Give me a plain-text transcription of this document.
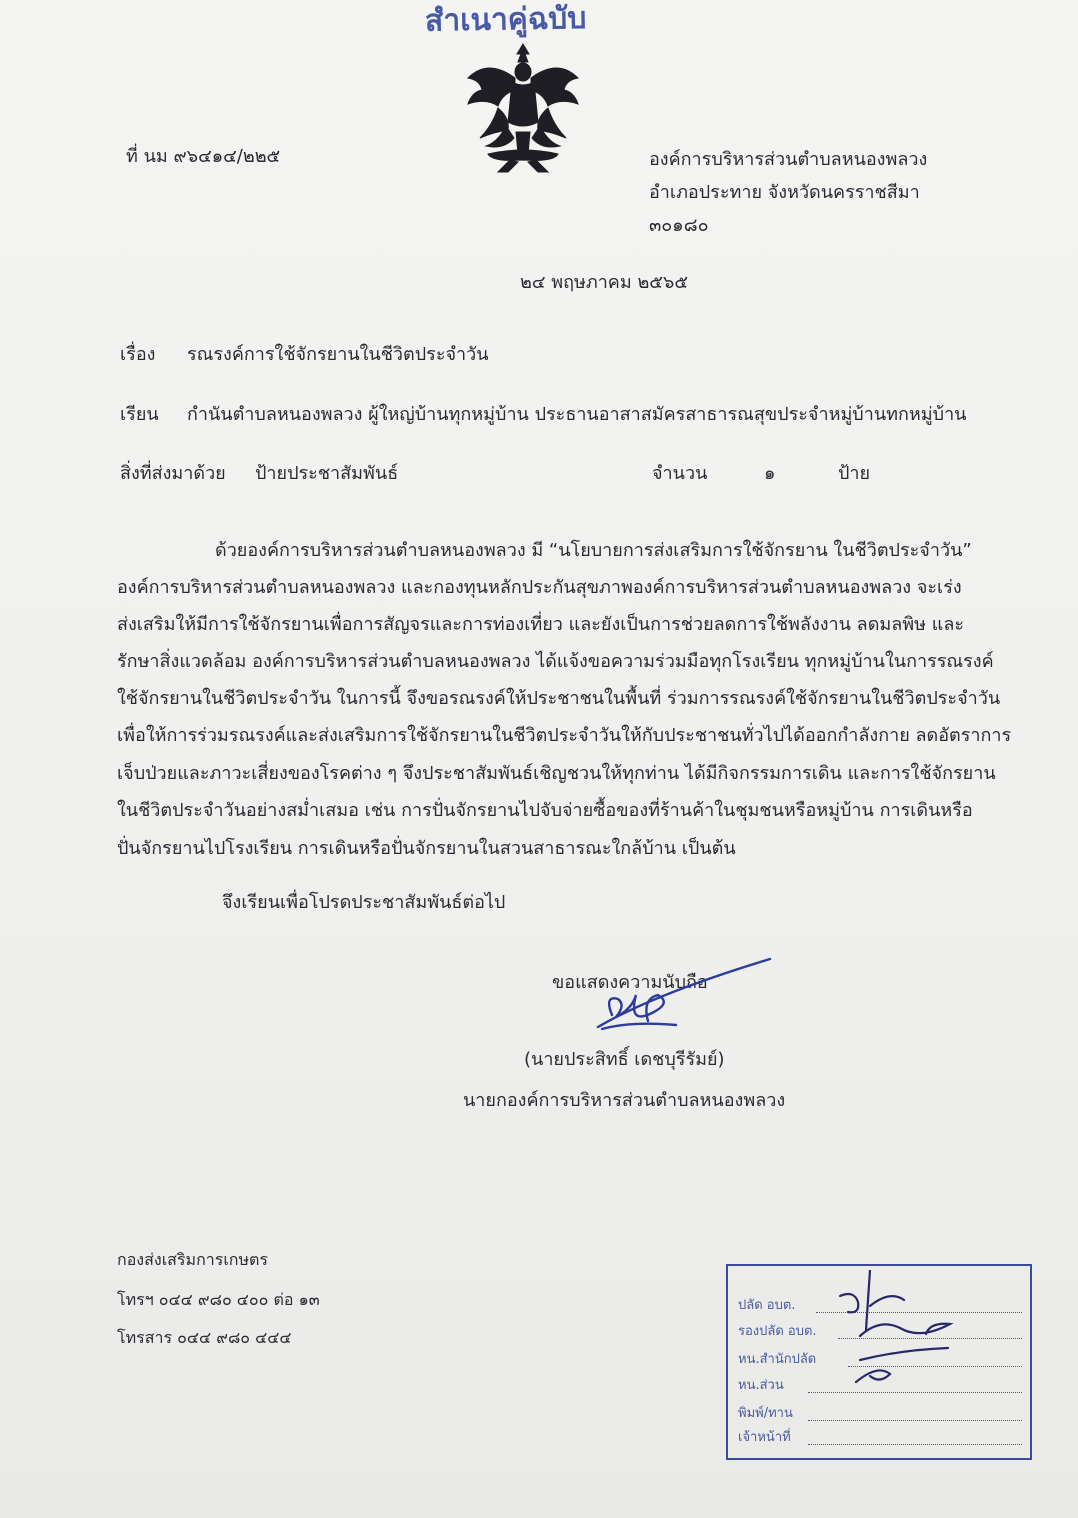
สำเนาคู่ฉบับ
ที่ นม ๙๖๔๑๔/๒๒๕	องค์การบริหารส่วนตำบลหนองพลวง
อำเภอประทาย จังหวัดนครราชสีมา
๓๐๑๘๐
๒๔ พฤษภาคม ๒๕๖๕
เรื่อง รณรงค์การใช้จักรยานในชีวิตประจำวัน
เรียน กำนันตำบลหนองพลวง ผู้ใหญ่บ้านทุกหมู่บ้าน ประธานอาสาสมัครสาธารณสุขประจำหมู่บ้านทกหมู่บ้าน
สิ่งที่ส่งมาด้วย ป้ายประชาสัมพันธ์	จำนวน	๑	ป้าย
ด้วยองค์การบริหารส่วนตำบลหนองพลวง มี “นโยบายการส่งเสริมการใช้จักรยาน ในชีวิตประจำวัน”
องค์การบริหารส่วนตำบลหนองพลวง และกองทุนหลักประกันสุขภาพองค์การบริหารส่วนตำบลหนองพลวง จะเร่ง
ส่งเสริมให้มีการใช้จักรยานเพื่อการสัญจรและการท่องเที่ยว และยังเป็นการช่วยลดการใช้พลังงาน ลดมลพิษ และ
รักษาสิ่งแวดล้อม องค์การบริหารส่วนตำบลหนองพลวง ได้แจ้งขอความร่วมมือทุกโรงเรียน ทุกหมู่บ้านในการรณรงค์
ใช้จักรยานในชีวิตประจำวัน ในการนี้ จึงขอรณรงค์ให้ประชาชนในพื้นที่ ร่วมการรณรงค์ใช้จักรยานในชีวิตประจำวัน
เพื่อให้การร่วมรณรงค์และส่งเสริมการใช้จักรยานในชีวิตประจำวันให้กับประชาชนทั่วไปได้ออกกำลังกาย ลดอัตราการ
เจ็บป่วยและภาวะเสี่ยงของโรคต่าง ๆ จึงประชาสัมพันธ์เชิญชวนให้ทุกท่าน ได้มีกิจกรรมการเดิน และการใช้จักรยาน
ในชีวิตประจำวันอย่างสม่ำเสมอ เช่น การปั่นจักรยานไปจับจ่ายซื้อของที่ร้านค้าในชุมชนหรือหมู่บ้าน การเดินหรือ
ปั่นจักรยานไปโรงเรียน การเดินหรือปั่นจักรยานในสวนสาธารณะใกล้บ้าน เป็นต้น
จึงเรียนเพื่อโปรดประชาสัมพันธ์ต่อไป
ขอแสดงความนับถือ
(นายประสิทธิ์ เดชบุรีรัมย์)
นายกองค์การบริหารส่วนตำบลหนองพลวง
กองส่งเสริมการเกษตร
โทรฯ ๐๔๔ ๙๘๐ ๔๐๐ ต่อ ๑๓
โทรสาร ๐๔๔ ๙๘๐ ๔๔๔
ปลัด อบต.
รองปลัด อบต.
หน.สำนักปลัด
หน.ส่วน
พิมพ์/ทาน
เจ้าหน้าที่
